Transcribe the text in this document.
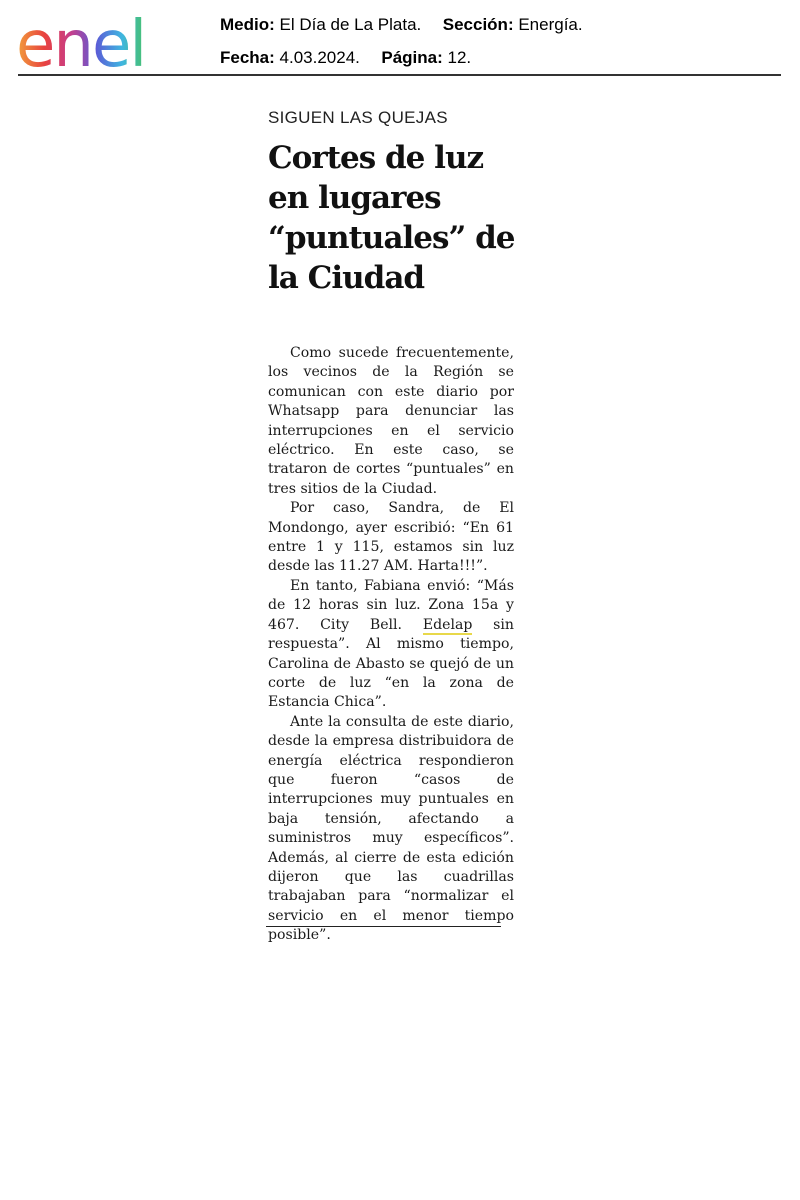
enel	Medio: El Día de La Plata. Sección: Energía.
Fecha: 4.03.2024. Página: 12.

SIGUEN LAS QUEJAS

Cortes de luz en lugares “puntuales” de la Ciudad

Como sucede frecuentemente, los vecinos de la Región se comunican con este diario por Whatsapp para denunciar las interrupciones en el servicio eléctrico. En este caso, se trataron de cortes “puntuales” en tres sitios de la Ciudad.

Por caso, Sandra, de El Mondongo, ayer escribió: “En 61 entre 1 y 115, estamos sin luz desde las 11.27 AM. Harta!!!”.

En tanto, Fabiana envió: “Más de 12 horas sin luz. Zona 15a y 467. City Bell. Edelap sin respuesta”. Al mismo tiempo, Carolina de Abasto se quejó de un corte de luz “en la zona de Estancia Chica”.

Ante la consulta de este diario, desde la empresa distribuidora de energía eléctrica respondieron que fueron “casos de interrupciones muy puntuales en baja tensión, afectando a suministros muy específicos”. Además, al cierre de esta edición dijeron que las cuadrillas trabajaban para “normalizar el servicio en el menor tiempo posible”.
